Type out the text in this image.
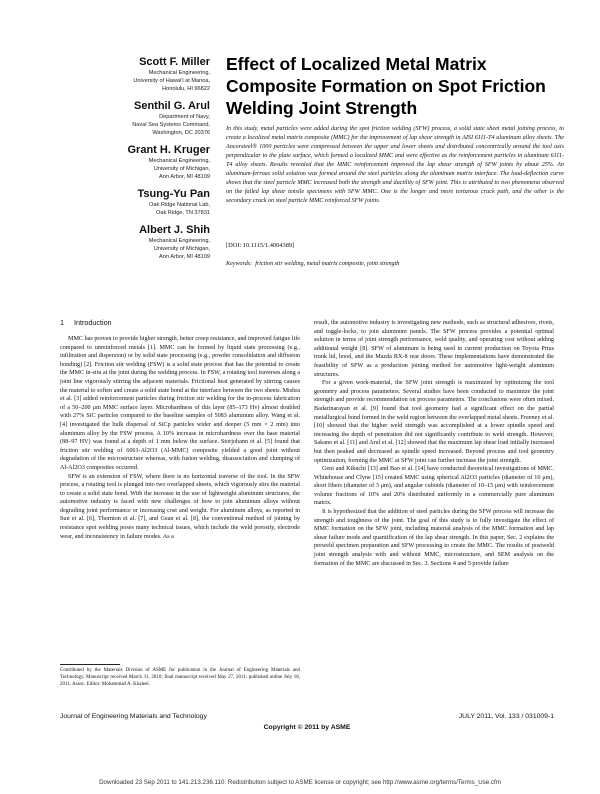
Scott F. Miller
Mechanical Engineering,
University of Hawai'i at Manoa,
Honolulu, HI 96822
Senthil G. Arul
Department of Navy,
Naval Sea Systems Command,
Washington, DC 20376
Grant H. Kruger
Mechanical Engineering,
University of Michigan,
Ann Arbor, MI 48109
Tsung-Yu Pan
Oak Ridge National Lab,
Oak Ridge, TN 37831
Albert J. Shih
Mechanical Engineering,
University of Michigan,
Ann Arbor, MI 48109
Effect of Localized Metal Matrix Composite Formation on Spot Friction Welding Joint Strength
In this study, metal particles were added during the spot friction welding (SFW) process, a solid state sheet metal joining process, to create a localized metal matrix composite (MMC) for the improvement of lap shear strength in AISI 6111-T4 aluminum alloy sheets. The Ancorsteel® 1000 particles were compressed between the upper and lower sheets and distributed concentrically around the tool axis perpendicular to the plate surface, which formed a localized MMC and were effective as the reinforcement particles in aluminum 6111-T4 alloy sheets. Results revealed that the MMC reinforcement improved the lap shear strength of SFW joints by about 25%. An aluminum-ferrous solid solution was formed around the steel particles along the aluminum matrix interface. The load-deflection curve shows that the steel particle MMC increased both the strength and ductility of SFW joint. This is attributed to two phenomena observed on the failed lap shear tensile specimens with SFW MMC. One is the longer and more torturous crack path, and the other is the secondary crack on steel particle MMC reinforced SFW joints.
[DOI: 10.1115/1.4004389]
Keywords: friction stir welding, metal matrix composite, joint strength
1 Introduction

MMC has proven to provide higher strength, better creep resistance, and improved fatigue life compared to unreinforced metals [1]. MMC can be formed by liquid state processing (e.g., infiltration and dispersion) or by solid state processing (e.g., powder consolidation and diffusion bonding) [2]. Friction stir welding (FSW) is a solid state process that has the potential to create the MMC in-situ at the joint during the welding process. In FSW, a rotating tool traverses along a joint line vigorously stirring the adjacent materials. Frictional heat generated by stirring causes the material to soften and create a solid state bond at the interface between the two sheets. Mishra et al. [3] added reinforcement particles during friction stir welding for the in-process fabrication of a 50–200 μm MMC surface layer. Microhardness of this layer (85–173 Hv) almost doubled with 27% SiC particles compared to the baseline samples of 5083 aluminum alloy. Wang et al. [4] investigated the bulk dispersal of SiCp particles wider and deeper (5 mm × 2 mm) into aluminum alloy by the FSW process. A 10% increase in microhardness over the base material (88–97 HV) was found at a depth of 1 mm below the surface. Storjohann et al. [5] found that friction stir welding of 6061-Al2O3 (Al-MMC) composite yielded a good joint without degradation of the microstructure whereas, with fusion welding, disassociation and clumping of Al-Al2O3 composites occurred.

SFW is an extension of FSW, where there is no horizontal traverse of the tool. In the SFW process, a rotating tool is plunged into two overlapped sheets, which vigorously stirs the material to create a solid state bond. With the increase in the use of lightweight aluminum structures, the automotive industry is faced with new challenges of how to join aluminum alloys without degrading joint performance or increasing cost and weight. For aluminum alloys, as reported in Sun et al. [6], Thornton et al. [7], and Gean et al. [8], the conventional method of joining by resistance spot welding poses many technical issues, which include the weld porosity, electrode wear, and inconsistency in failure modes. As a

result, the automotive industry is investigating new methods, such as structural adhesives, rivets, and toggle-locks, to join aluminum panels. The SFW process provides a potential optimal solution in terms of joint strength performance, weld quality, and operating cost without adding additional weight [8]. SFW of aluminum is being used in current production on Toyota Prius trunk lid, hood, and the Mazda RX-8 rear doors. These implementations have demonstrated the feasibility of SFW as a production joining method for automotive light-weight aluminum structures.

For a given work-material, the SFW joint strength is maximized by optimizing the tool geometry and process parameters. Several studies have been conducted to maximize the joint strength and provide recommendation on process parameters. The conclusions were often mixed. Badarinarayan et al. [9] found that tool geometry had a significant effect on the partial metallurgical bond formed in the weld region between the overlapped metal sheets. Freeney et al. [10] showed that the higher weld strength was accomplished at a lower spindle speed and increasing the depth of penetration did not significantly contribute to weld strength. However, Sakano et al. [11] and Arul et al. [12] showed that the maximum lap shear load initially increased but then peaked and decreased as spindle speed increased. Beyond process and tool geometry optimization, forming the MMC at SFW joint can further increase the joint strength.

Geni and Kikuchi [13] and Bao et al. [14] have conducted theoretical investigations of MMC. Whitehouse and Clyne [15] created MMC using spherical Al2O3 particles (diameter of 10 μm), short fibers (diameter of 3 μm), and angular cuboids (diameter of 10–15 μm) with reinforcement volume fractions of 10% and 20% distributed uniformly in a commercially pure aluminum matrix.

It is hypothesized that the addition of steel particles during the SFW process will increase the strength and toughness of the joint. The goal of this study is to fully investigate the effect of MMC formation on the SFW joint, including material analysis of the MMC formation and lap shear failure mode and quantification of the lap shear strength. In this paper, Sec. 2 explains the preweld specimen preparation and SFW processing to create the MMC. The results of postweld joint strength analysis with and without MMC, microstructure, and SEM analysis on the formation of the MMC are discussed in Sec. 3. Sections 4 and 5 provide failure

Contributed by the Materials Division of ASME for publication in the Journal of Engineering Materials and Technology. Manuscript received March 31, 2010; final manuscript received May 27, 2011; published online July 18, 2011. Assoc. Editor: Mohammad A. Khaleel.
Journal of Engineering Materials and Technology	JULY 2011, Vol. 133 / 031009-1
Copyright © 2011 by ASME
Downloaded 23 Sep 2011 to 141.213.236.110. Redistribution subject to ASME license or copyright; see http://www.asme.org/terms/Terms_Use.cfm
